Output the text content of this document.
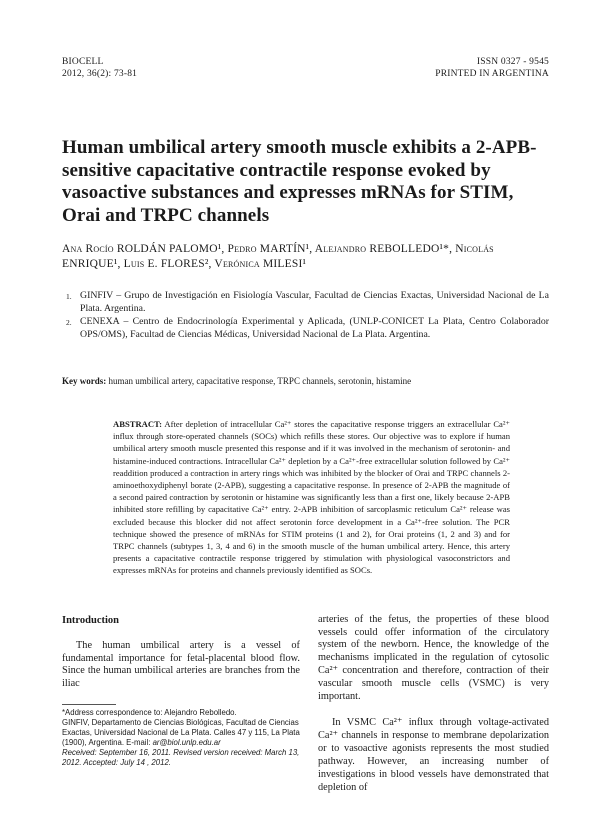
BIOCELL
2012, 36(2): 73-81
ISSN 0327 - 9545
PRINTED IN ARGENTINA
Human umbilical artery smooth muscle exhibits a 2-APB-sensitive capacitative contractile response evoked by vasoactive substances and expresses mRNAs for STIM, Orai and TRPC channels

Ana Rocío ROLDÁN PALOMO¹, Pedro MARTÍN¹, Alejandro REBOLLEDO¹*, Nicolás ENRIQUE¹, Luis E. FLORES², Verónica MILESI¹

1. GINFIV – Grupo de Investigación en Fisiología Vascular, Facultad de Ciencias Exactas, Universidad Nacional de La Plata. Argentina.
2. CENEXA – Centro de Endocrinología Experimental y Aplicada, (UNLP-CONICET La Plata, Centro Colaborador OPS/OMS), Facultad de Ciencias Médicas, Universidad Nacional de La Plata. Argentina.

Key words: human umbilical artery, capacitative response, TRPC channels, serotonin, histamine

ABSTRACT: After depletion of intracellular Ca²⁺ stores the capacitative response triggers an extracellular Ca²⁺ influx through store-operated channels (SOCs) which refills these stores. Our objective was to explore if human umbilical artery smooth muscle presented this response and if it was involved in the mechanism of serotonin- and histamine-induced contractions. Intracellular Ca²⁺ depletion by a Ca²⁺-free extracellular solution followed by Ca²⁺ readdition produced a contraction in artery rings which was inhibited by the blocker of Orai and TRPC channels 2-aminoethoxydiphenyl borate (2-APB), suggesting a capacitative response. In presence of 2-APB the magnitude of a second paired contraction by serotonin or histamine was significantly less than a first one, likely because 2-APB inhibited store refilling by capacitative Ca²⁺ entry. 2-APB inhibition of sarcoplasmic reticulum Ca²⁺ release was excluded because this blocker did not affect serotonin force development in a Ca²⁺-free solution. The PCR technique showed the presence of mRNAs for STIM proteins (1 and 2), for Orai proteins (1, 2 and 3) and for TRPC channels (subtypes 1, 3, 4 and 6) in the smooth muscle of the human umbilical artery. Hence, this artery presents a capacitative contractile response triggered by stimulation with physiological vasoconstrictors and expresses mRNAs for proteins and channels previously identified as SOCs.
Introduction

The human umbilical artery is a vessel of fundamental importance for fetal-placental blood flow. Since the human umbilical arteries are branches from the iliac

*Address correspondence to: Alejandro Rebolledo.
GINFIV, Departamento de Ciencias Biológicas, Facultad de Ciencias Exactas, Universidad Nacional de La Plata. Calles 47 y 115, La Plata (1900), Argentina. E-mail: ar@biol.unlp.edu.ar
Received: September 16, 2011. Revised version received: March 13, 2012. Accepted: July 14 , 2012.

arteries of the fetus, the properties of these blood vessels could offer information of the circulatory system of the newborn. Hence, the knowledge of the mechanisms implicated in the regulation of cytosolic Ca²⁺ concentration and therefore, contraction of their vascular smooth muscle cells (VSMC) is very important.

In VSMC Ca²⁺ influx through voltage-activated Ca²⁺ channels in response to membrane depolarization or to vasoactive agonists represents the most studied pathway. However, an increasing number of investigations in blood vessels have demonstrated that depletion of
